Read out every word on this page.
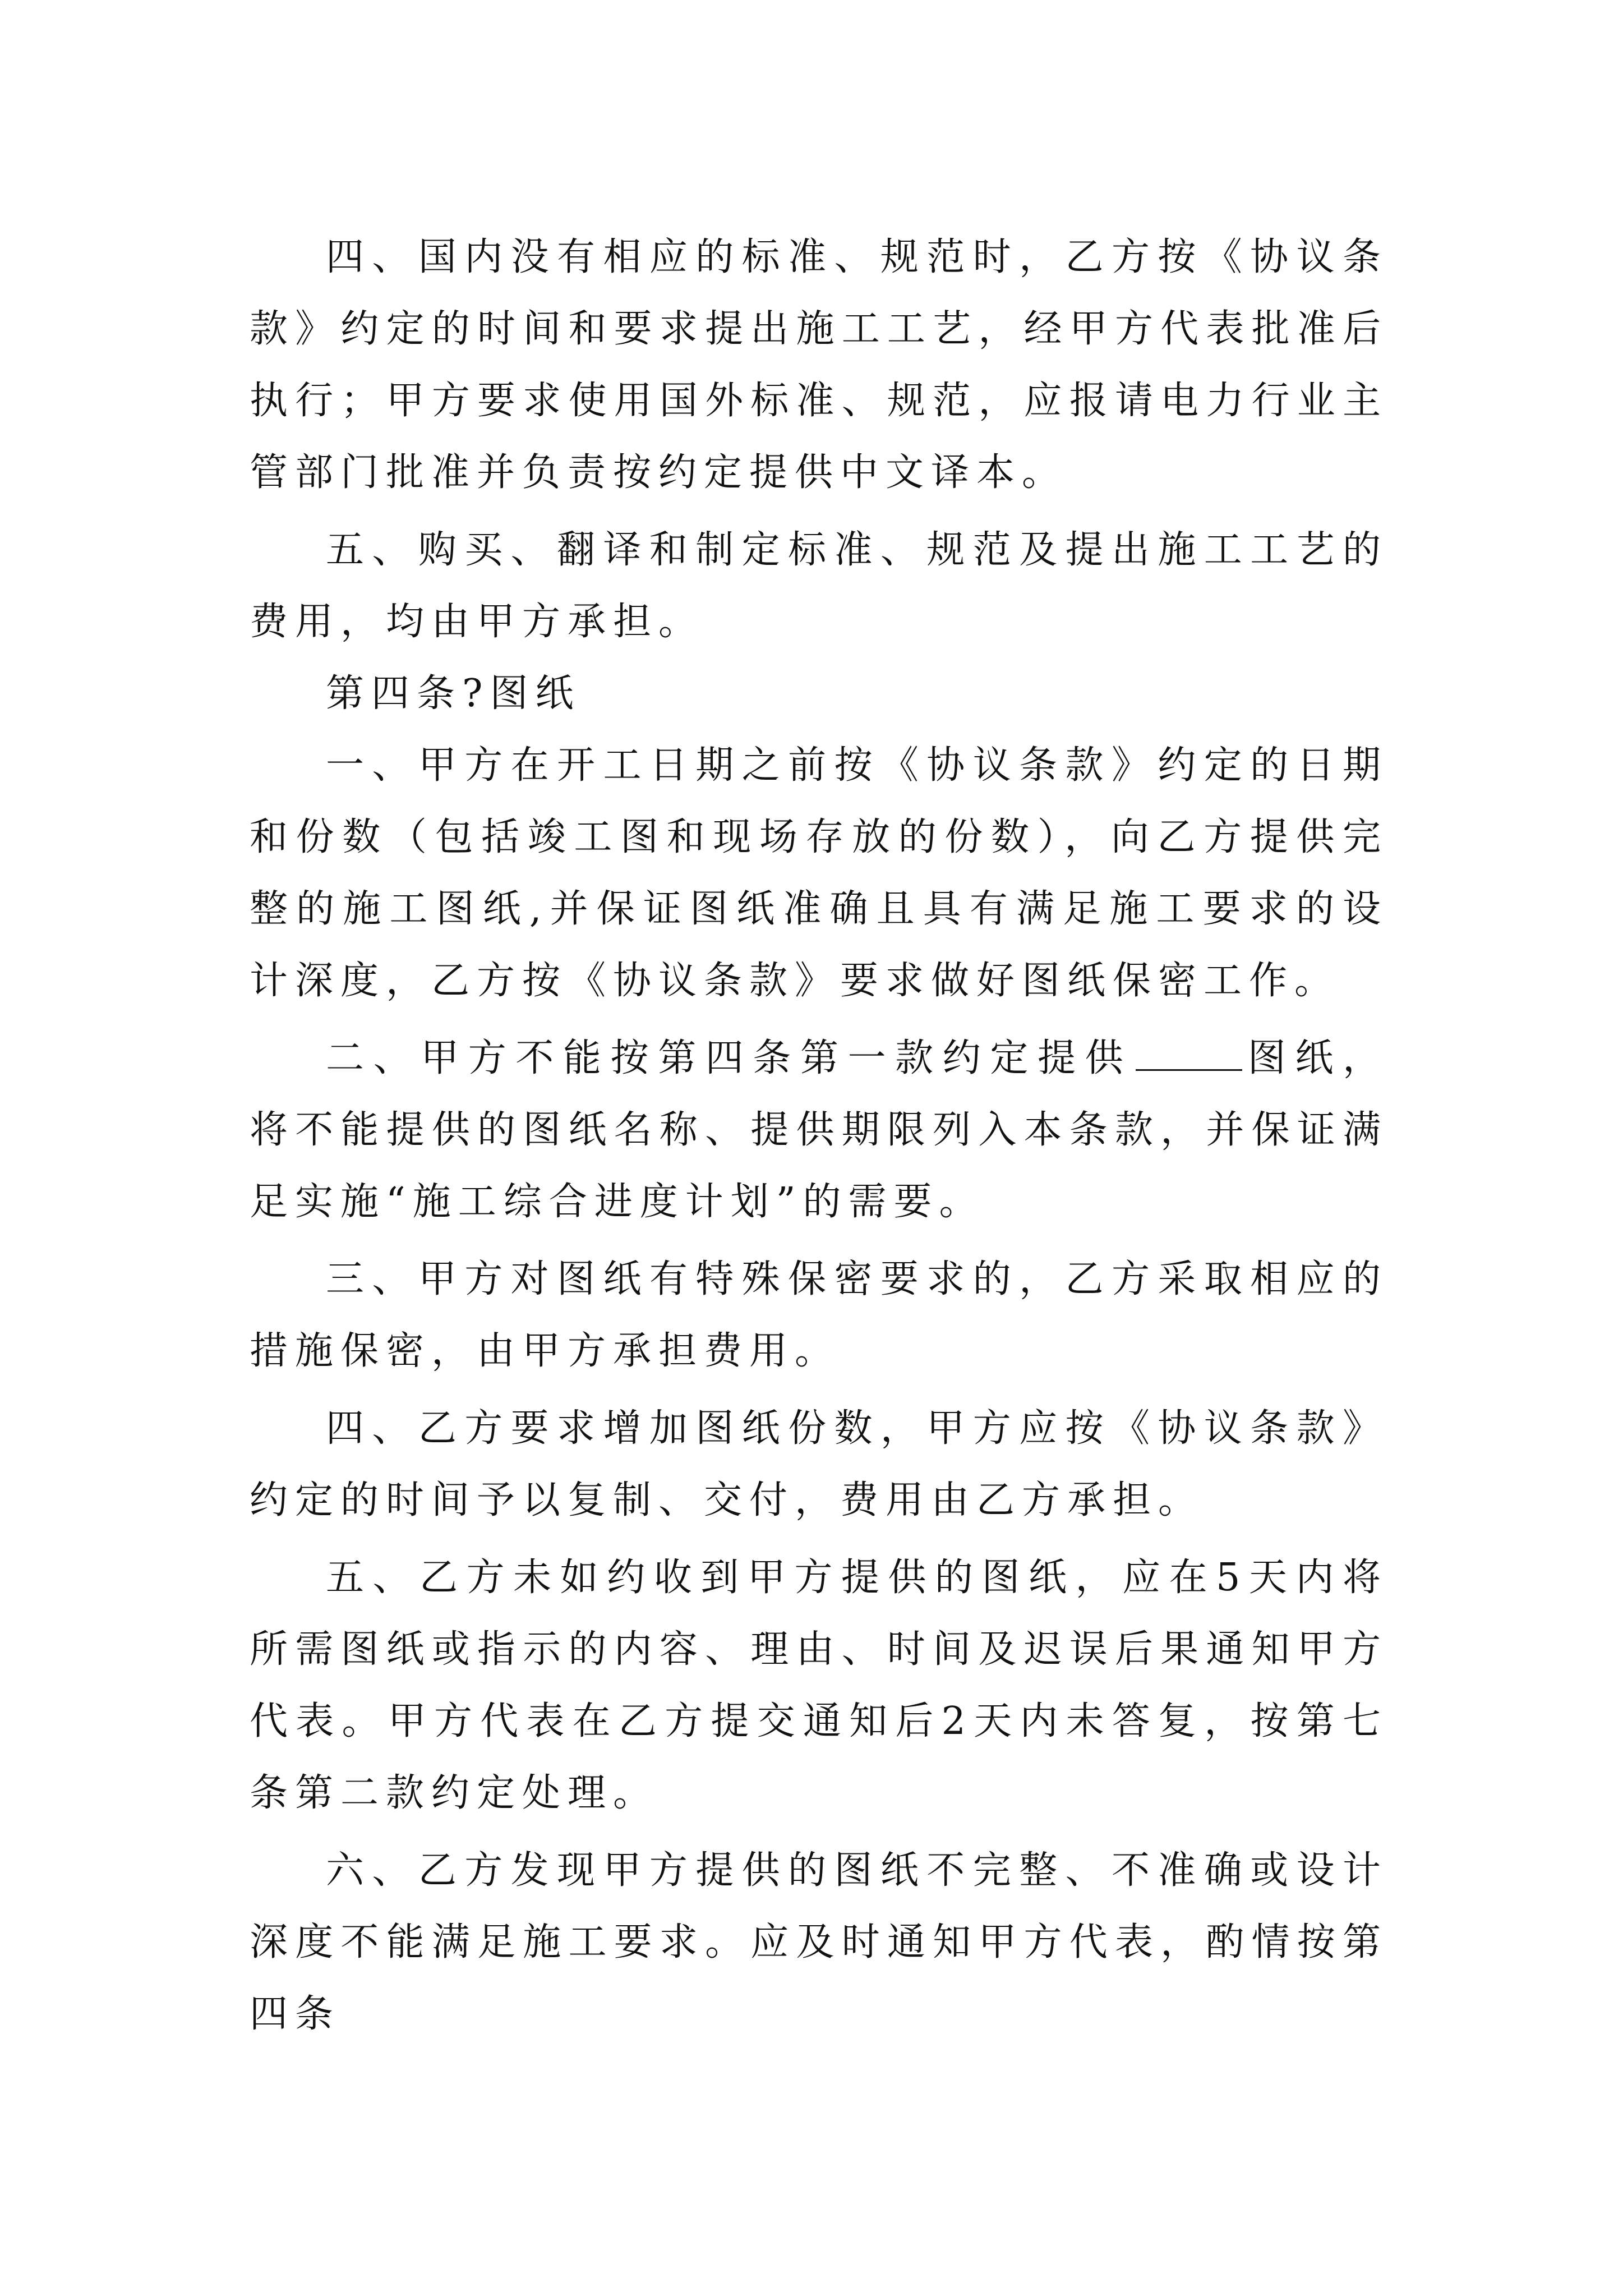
四、国内没有相应的标准、规范时，乙方按《协议条款》约定的时间和要求提出施工工艺，经甲方代表批准后执行；甲方要求使用国外标准、规范，应报请电力行业主管部门批准并负责按约定提供中文译本。

五、购买、翻译和制定标准、规范及提出施工工艺的费用，均由甲方承担。

第四条?图纸

一、甲方在开工日期之前按《协议条款》约定的日期和份数（包括竣工图和现场存放的份数），向乙方提供完整的施工图纸,并保证图纸准确且具有满足施工要求的设计深度，乙方按《协议条款》要求做好图纸保密工作。

二、甲方不能按第四条第一款约定提供	图纸，将不能提供的图纸名称、提供期限列入本条款，并保证满足实施“施工综合进度计划”的需要。

三、甲方对图纸有特殊保密要求的，乙方采取相应的措施保密，由甲方承担费用。

四、乙方要求增加图纸份数，甲方应按《协议条款》约定的时间予以复制、交付，费用由乙方承担。

五、乙方未如约收到甲方提供的图纸，应在5天内将所需图纸或指示的内容、理由、时间及迟误后果通知甲方代表。甲方代表在乙方提交通知后2天内未答复，按第七条第二款约定处理。

六、乙方发现甲方提供的图纸不完整、不准确或设计深度不能满足施工要求。应及时通知甲方代表，酌情按第四条
